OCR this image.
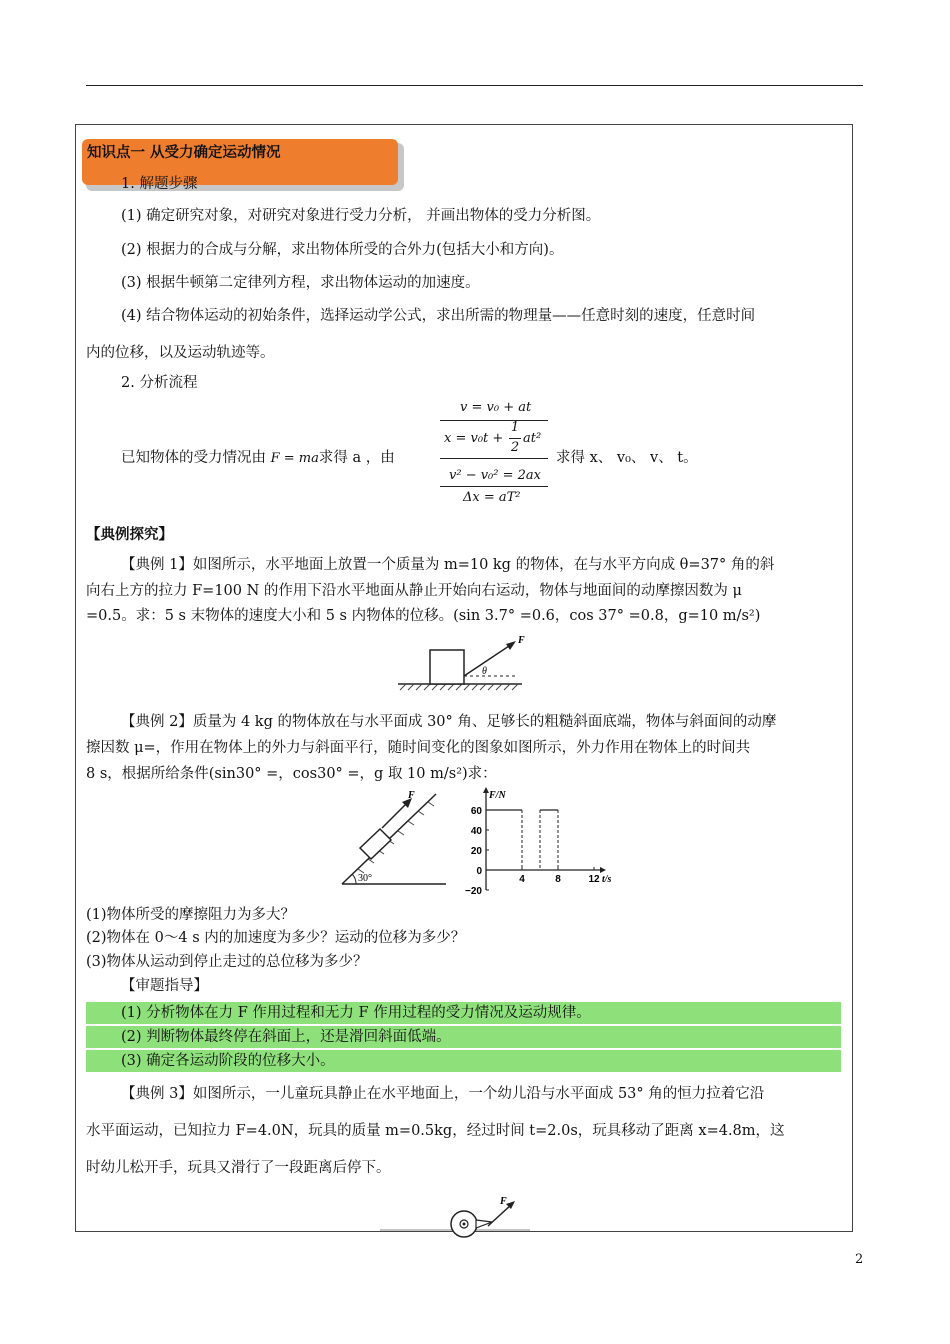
知识点一 从受力确定运动情况
1. 解题步骤
(1) 确定研究对象，对研究对象进行受力分析， 并画出物体的受力分析图。
(2) 根据力的合成与分解，求出物体所受的合外力(包括大小和方向)。
(3) 根据牛顿第二定律列方程，求出物体运动的加速度。
(4) 结合物体运动的初始条件，选择运动学公式，求出所需的物理量——任意时刻的速度，任意时间
内的位移，以及运动轨迹等。
2. 分析流程
已知物体的受力情况由 F = ma求得 a ，由	求得 x、 v₀、 v、 t。
v = v₀ + at
x = v₀t +
1
2
at²
v² − v₀² = 2ax
Δx = aT²
【典例探究】
【典例 1】如图所示，水平地面上放置一个质量为 m=10 kg 的物体，在与水平方向成 θ=37° 角的斜
向右上方的拉力 F=100 N 的作用下沿水平地面从静止开始向右运动，物体与地面间的动摩擦因数为 μ
=0.5。求：5 s 末物体的速度大小和 5 s 内物体的位移。(sin 3.7° =0.6，cos 37° =0.8，g=10 m/s²)
F
θ
【典例 2】质量为 4 kg 的物体放在与水平面成 30° 角、足够长的粗糙斜面底端，物体与斜面间的动摩
擦因数 μ=，作用在物体上的外力与斜面平行，随时间变化的图象如图所示，外力作用在物体上的时间共
8 s，根据所给条件(sin30° =，cos30° =，g 取 10 m/s²)求：
F
30°
F/N
t/s
60
40
20
0
−20
4	8	12
(1)物体所受的摩擦阻力为多大？
(2)物体在 0～4 s 内的加速度为多少？运动的位移为多少？
(3)物体从运动到停止走过的总位移为多少？
【审题指导】
(1) 分析物体在力 F 作用过程和无力 F 作用过程的受力情况及运动规律。
(2) 判断物体最终停在斜面上，还是滑回斜面低端。
(3) 确定各运动阶段的位移大小。
【典例 3】如图所示，一儿童玩具静止在水平地面上，一个幼儿沿与水平面成 53° 角的恒力拉着它沿
水平面运动，已知拉力 F=4.0N，玩具的质量 m=0.5kg，经过时间 t=2.0s，玩具移动了距离 x=4.8m，这
时幼儿松开手，玩具又滑行了一段距离后停下。
F
2
